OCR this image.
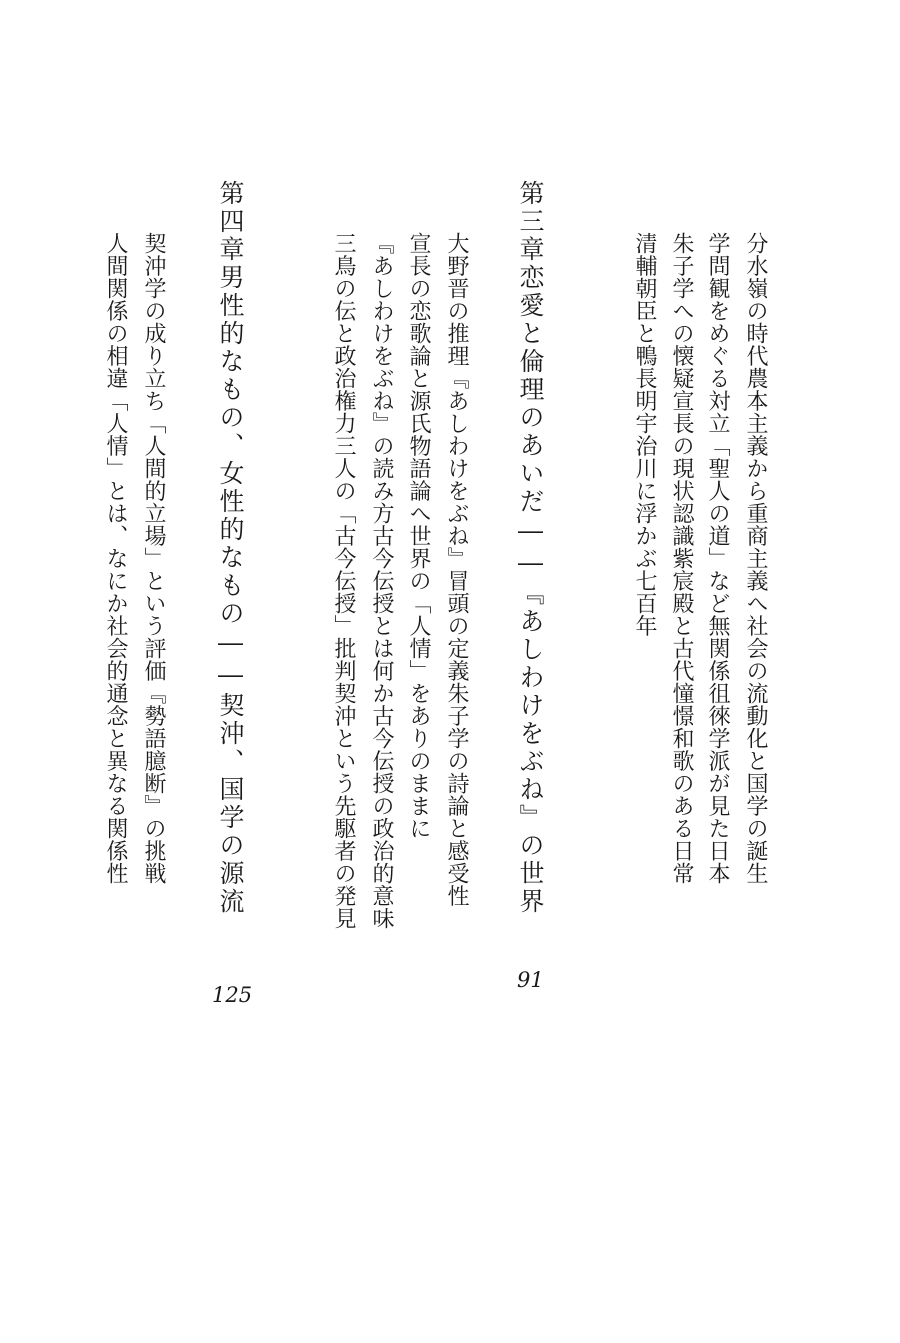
分水嶺の時代農本主義から重商主義へ社会の流動化と国学の誕生
学問観をめぐる対立「聖人の道」など無関係徂徠学派が見た日本
朱子学への懐疑宣長の現状認識紫宸殿と古代憧憬和歌のある日常
清輔朝臣と鴨長明宇治川に浮かぶ七百年
第三章恋愛と倫理のあいだ――『あしわけをぶね』の世界
91
大野晋の推理『あしわけをぶね』冒頭の定義朱子学の詩論と感受性
宣長の恋歌論と源氏物語論へ世界の「人情」をありのままに
『あしわけをぶね』の読み方古今伝授とは何か古今伝授の政治的意味
三鳥の伝と政治権力三人の「古今伝授」批判契沖という先駆者の発見
第四章男性的なもの、女性的なもの――契沖、国学の源流
125
契沖学の成り立ち「人間的立場」という評価『勢語臆断』の挑戦
人間関係の相違「人情」とは、なにか社会的通念と異なる関係性
